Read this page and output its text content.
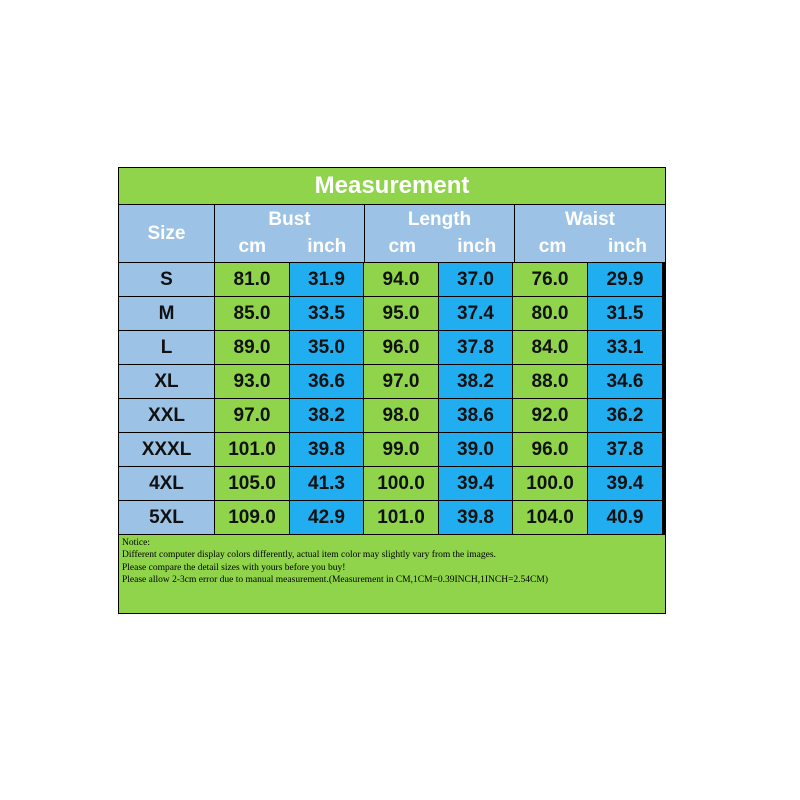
Measurement
Size
Bust
cm	inch
Length
cm	inch
Waist
cm	inch
S	81.0	31.9	94.0	37.0	76.0	29.9
M	85.0	33.5	95.0	37.4	80.0	31.5
L	89.0	35.0	96.0	37.8	84.0	33.1
XL	93.0	36.6	97.0	38.2	88.0	34.6
XXL	97.0	38.2	98.0	38.6	92.0	36.2
XXXL	101.0	39.8	99.0	39.0	96.0	37.8
4XL	105.0	41.3	100.0	39.4	100.0	39.4
5XL	109.0	42.9	101.0	39.8	104.0	40.9
Notice:
Different computer display colors differently, actual item color may slightly vary from the images.
Please compare the detail sizes with yours before you buy!
Please allow 2-3cm error due to manual measurement.(Measurement in CM,1CM=0.39INCH,1INCH=2.54CM)
